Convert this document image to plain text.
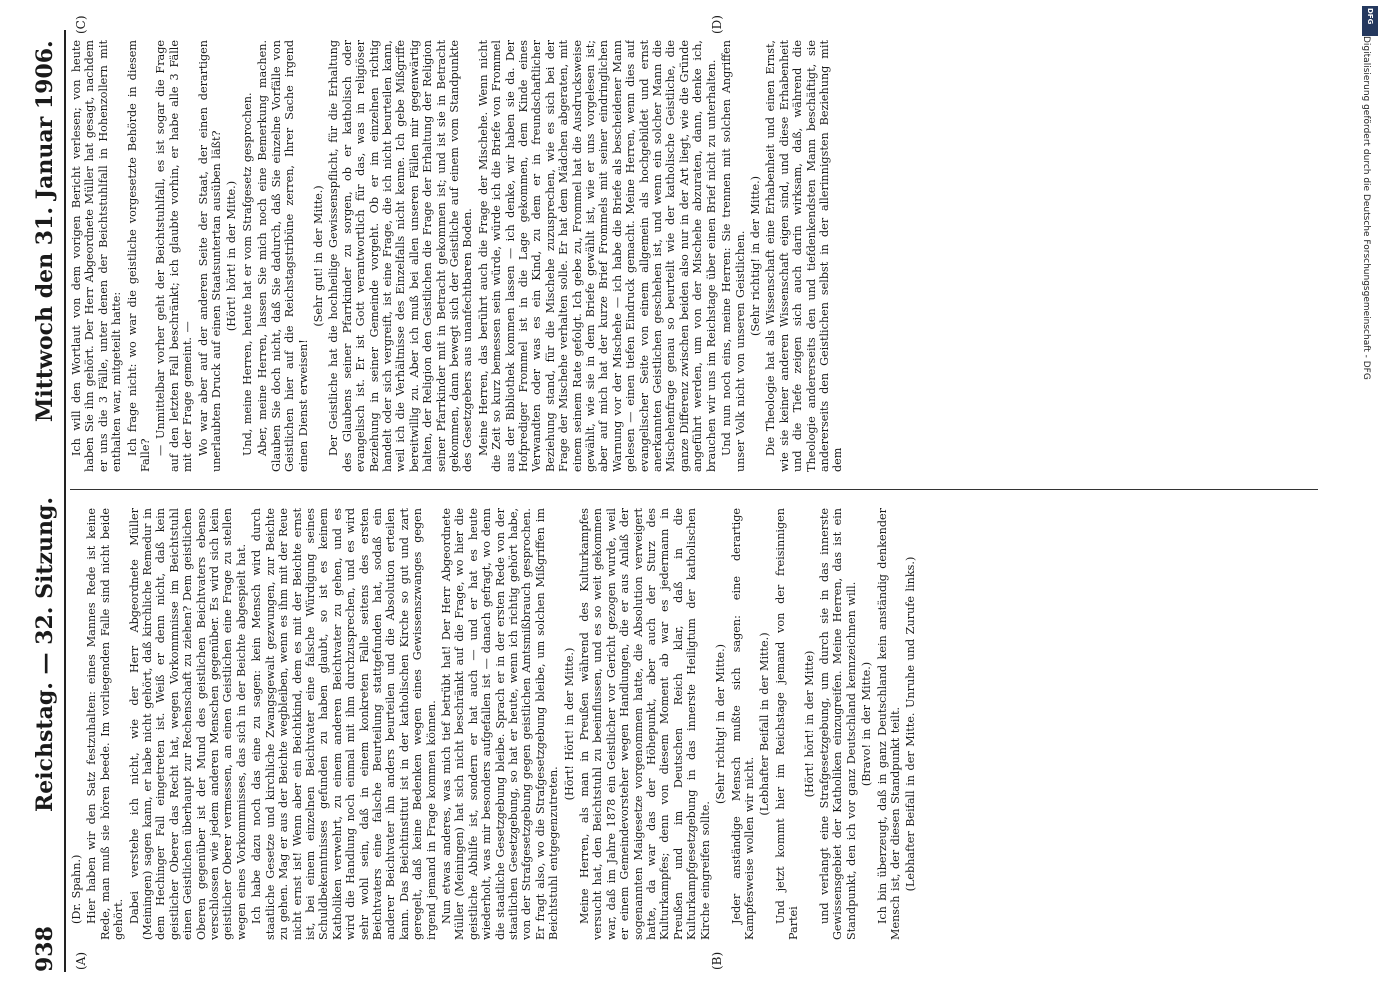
938
Reichstag. — 32. Sitzung.
Mittwoch den 31. Januar 1906.
(A)	(B)
(C)	(D)

(Dr. Spahn.) Hier haben wir den Satz festzuhalten: eines Mannes Rede ist keine Rede, man muß sie hören beede. Im vorliegenden Falle sind nicht beide gehört. Dabei verstehe ich nicht, wie der Herr Abgeordnete Müller (Meiningen) sagen kann, er habe nicht gehört, daß kirchliche Remedur in dem Hechinger Fall eingetreten ist. Weiß er denn nicht, daß kein geistlicher Oberer das Recht hat, wegen Vorkommnisse im Beichtstuhl einen Geistlichen überhaupt zur Rechenschaft zu ziehen? Dem geistlichen Oberen gegenüber ist der Mund des geistlichen Beichtvaters ebenso verschlossen wie jedem anderen Menschen gegenüber. Es wird sich kein geistlicher Oberer vermessen, an einen Geistlichen eine Frage zu stellen wegen eines Vorkommnisses, das sich in der Beichte abgespielt hat. Ich habe dazu noch das eine zu sagen: kein Mensch wird durch staatliche Gesetze und kirchliche Zwangsgewalt gezwungen, zur Beichte zu gehen. Mag er aus der Beichte wegbleiben, wenn es ihm mit der Reue nicht ernst ist! Wenn aber ein Beichtkind, dem es mit der Beichte ernst ist, bei einem einzelnen Beichtvater eine falsche Würdigung seines Schuldbekenntnisses gefunden zu haben glaubt, so ist es keinem Katholiken verwehrt, zu einem anderen Beichtvater zu gehen, und es wird die Handlung noch einmal mit ihm durchzusprechen, und es wird sehr wohl sein, daß in einem konkreten Falle seitens des ersten Beichtvaters eine falsche Beurteilung stattgefunden hat, sodaß ein anderer Beichtvater ihn anders beurteilen und die Absolution erteilen kann. Das Beichtinstitut ist in der katholischen Kirche so gut und zart geregelt, daß keine Bedenken wegen eines Gewissenszwanges gegen irgend jemand in Frage kommen können. Nun etwas anderes, was mich tief betrübt hat! Der Herr Abgeordnete Müller (Meiningen) hat sich nicht beschränkt auf die Frage, wo hier die geistliche Abhilfe ist, sondern er hat auch — und er hat es heute wiederholt, was mir besonders aufgefallen ist — danach gefragt, wo denn die staatliche Gesetzgebung bleibe. Sprach er in der ersten Rede von der staatlichen Gesetzgebung, so hat er heute, wenn ich richtig gehört habe, von der Strafgesetzgebung gegen geistlichen Amtsmißbrauch gesprochen. Er fragt also, wo die Strafgesetzgebung bleibe, um solchen Mißgriffen im Beichtstuhl entgegenzutreten.

(Hört! Hört! in der Mitte.) Meine Herren, als man in Preußen während des Kulturkampfes versucht hat, den Beichtstuhl zu beeinflussen, und es so weit gekommen war, daß im Jahre 1878 ein Geistlicher vor Gericht gezogen wurde, weil er einem Gemeindevorsteher wegen Handlungen, die er aus Anlaß der sogenannten Maigesetze vorgenommen hatte, die Absolution verweigert hatte, da war das der Höhepunkt, aber auch der Sturz des Kulturkampfes; denn von diesem Moment ab war es jedermann in Preußen und im Deutschen Reich klar, daß in die Kulturkampfgesetzgebung in das innerste Heiligtum der katholischen Kirche eingreifen sollte.

(Sehr richtig! in der Mitte.) Jeder anständige Mensch mußte sich sagen: eine derartige Kampfesweise wollen wir nicht.

(Lebhafter Beifall in der Mitte.) Und jetzt kommt hier im Reichstage jemand von der freisinnigen Partei

(Hört! hört! in der Mitte) und verlangt eine Strafgesetzgebung, um durch sie in das innerste Gewissensgebiet der Katholiken einzugreifen. Meine Herren, das ist ein Standpunkt, den ich vor ganz Deutschland kennzeichnen will. (Bravo! in der Mitte.) Ich bin überzeugt, daß in ganz Deutschland kein anständig denkender Mensch ist, der diesen Standpunkt teilt. (Lebhafter Beifall in der Mitte. Unruhe und Zurufe links.)

Ich will den Wortlaut von dem vorigen Bericht verlesen; von heute haben Sie ihn gehört. Der Herr Abgeordnete Müller hat gesagt, nachdem er uns die 3 Fälle, unter denen der Beichtstuhlfall in Hohenzollern mit enthalten war, mitgeteilt hatte: Ich frage nicht: wo war die geistliche vorgesetzte Behörde in diesem Falle? — Unmittelbar vorher geht der Beichtstuhlfall, es ist sogar die Frage auf den letzten Fall beschränkt; ich glaubte vorhin, er habe alle 3 Fälle mit der Frage gemeint. — Wo war aber auf der anderen Seite der Staat, der einen derartigen unerlaubten Druck auf einen Staatsuntertan ausüben läßt? (Hört! hört! in der Mitte.) Und, meine Herren, heute hat er vom Strafgesetz gesprochen. Aber, meine Herren, lassen Sie mich noch eine Bemerkung machen. Glauben Sie doch nicht, daß Sie dadurch, daß Sie einzelne Vorfälle von Geistlichen hier auf die Reichstagstribüne zerren, Ihrer Sache irgend einen Dienst erweisen!

(Sehr gut! in der Mitte.) Der Geistliche hat die hochheilige Gewissenspflicht, für die Erhaltung des Glaubens seiner Pfarrkinder zu sorgen, ob er katholisch oder evangelisch ist. Er ist Gott verantwortlich für das, was in religiöser Beziehung in seiner Gemeinde vorgeht. Ob er im einzelnen richtig handelt oder sich vergreift, ist eine Frage, die ich nicht beurteilen kann, weil ich die Verhältnisse des Einzelfalls nicht kenne. Ich gebe Mißgriffe bereitwillig zu. Aber ich muß bei allen unseren Fällen mir gegenwärtig halten, der Religion den Geistlichen die Frage der Erhaltung der Religion seiner Pfarrkinder mit in Betracht gekommen ist; und ist sie in Betracht gekommen, dann bewegt sich der Geistliche auf einem vom Standpunkte des Gesetzgebers aus unanfechtbaren Boden. Meine Herren, das berührt auch die Frage der Mischehe. Wenn nicht die Zeit so kurz bemessen sein würde, würde ich die Briefe von Frommel aus der Bibliothek kommen lassen — ich denke, wir haben sie da. Der Hofprediger Frommel ist in die Lage gekommen, dem Kinde eines Verwandten oder was es ein Kind, zu dem er in freundschaftlicher Beziehung stand, für die Mischehe zuzusprechen, wie es sich bei der Frage der Mischehe verhalten solle. Er hat dem Mädchen abgeraten, mit einem seinem Rate gefolgt. Ich gebe zu, Frommel hat die Ausdrucksweise gewählt, wie sie in dem Briefe gewählt ist, wie er uns vorgelesen ist; aber auf mich hat der kurze Brief Frommels mit seiner eindringlichen Warnung vor der Mischehe — ich habe die Briefe als bescheidener Mann gelesen — einen tiefen Eindruck gemacht. Meine Herren, wenn dies auf evangelischer Seite von einem allgemein als hochgebildet und ernst anerkannten Geistlichen geschehen ist, und wenn ein solcher Mann die Mischehenfrage genau so beurteilt wie der katholische Geistliche, die ganze Differenz zwischen beiden also nur in der Art liegt, wie die Gründe angeführt werden, um von der Mischehe abzuraten, dann, denke ich, brauchen wir uns im Reichstage über einen Brief nicht zu unterhalten. Und nun noch eins, meine Herren: Sie trennen mit solchen Angriffen unser Volk nicht von unseren Geistlichen. (Sehr richtig! in der Mitte.) Die Theologie hat als Wissenschaft eine Erhabenheit und einen Ernst, wie sie keiner anderen Wissenschaft eigen sind, und diese Erhabenheit und die Tiefe zeigen sich auch darin wirksam, daß, während die Theologie andererseits den und tiefdenkendsten Mann beschäftigt, sie andererseits den Geistlichen selbst in der allerinnigsten Beziehung mit dem

DFG
Digitalisierung gefördert durch die Deutsche Forschungsgemeinschaft - DFG
